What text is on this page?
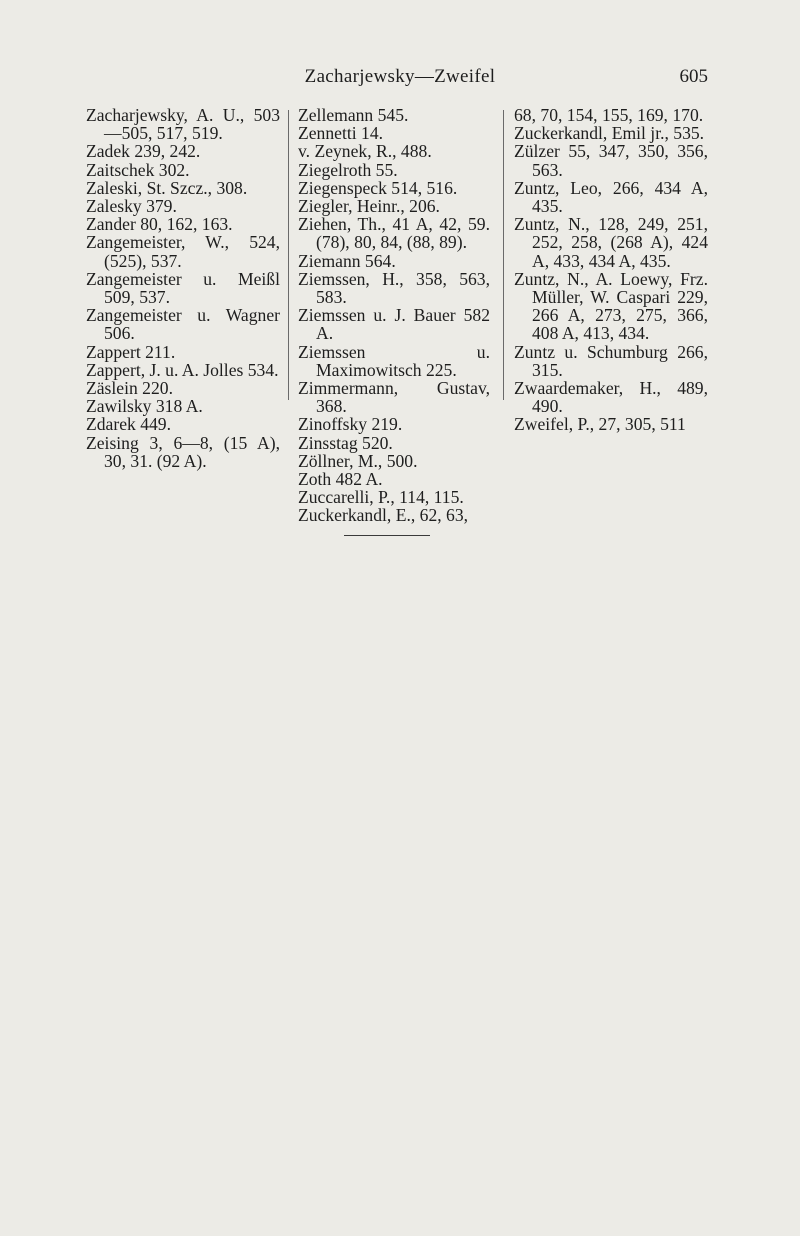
Zacharjewsky—Zweifel	605
Zacharjewsky, A. U., 503 —505, 517, 519.
Zadek 239, 242.
Zaitschek 302.
Zaleski, St. Szcz., 308.
Zalesky 379.
Zander 80, 162, 163.
Zangemeister, W., 524, (525), 537.
Zangemeister u. Meißl 509, 537.
Zangemeister u. Wagner 506.
Zappert 211.
Zappert, J. u. A. Jolles 534.
Zäslein 220.
Zawilsky 318 A.
Zdarek 449.
Zeising 3, 6—8, (15 A), 30, 31. (92 A).
Zellemann 545.
Zennetti 14.
v. Zeynek, R., 488.
Ziegelroth 55.
Ziegenspeck 514, 516.
Ziegler, Heinr., 206.
Ziehen, Th., 41 A, 42, 59. (78), 80, 84, (88, 89).
Ziemann 564.
Ziemssen, H., 358, 563, 583.
Ziemssen u. J. Bauer 582 A.
Ziemssen u. Maximowitsch 225.
Zimmermann, Gustav, 368.
Zinoffsky 219.
Zinsstag 520.
Zöllner, M., 500.
Zoth 482 A.
Zuccarelli, P., 114, 115.
Zuckerkandl, E., 62, 63,
68, 70, 154, 155, 169, 170.
Zuckerkandl, Emil jr., 535.
Zülzer 55, 347, 350, 356, 563.
Zuntz, Leo, 266, 434 A, 435.
Zuntz, N., 128, 249, 251, 252, 258, (268 A), 424 A, 433, 434 A, 435.
Zuntz, N., A. Loewy, Frz. Müller, W. Caspari 229, 266 A, 273, 275, 366, 408 A, 413, 434.
Zuntz u. Schumburg 266, 315.
Zwaardemaker, H., 489, 490.
Zweifel, P., 27, 305, 511
